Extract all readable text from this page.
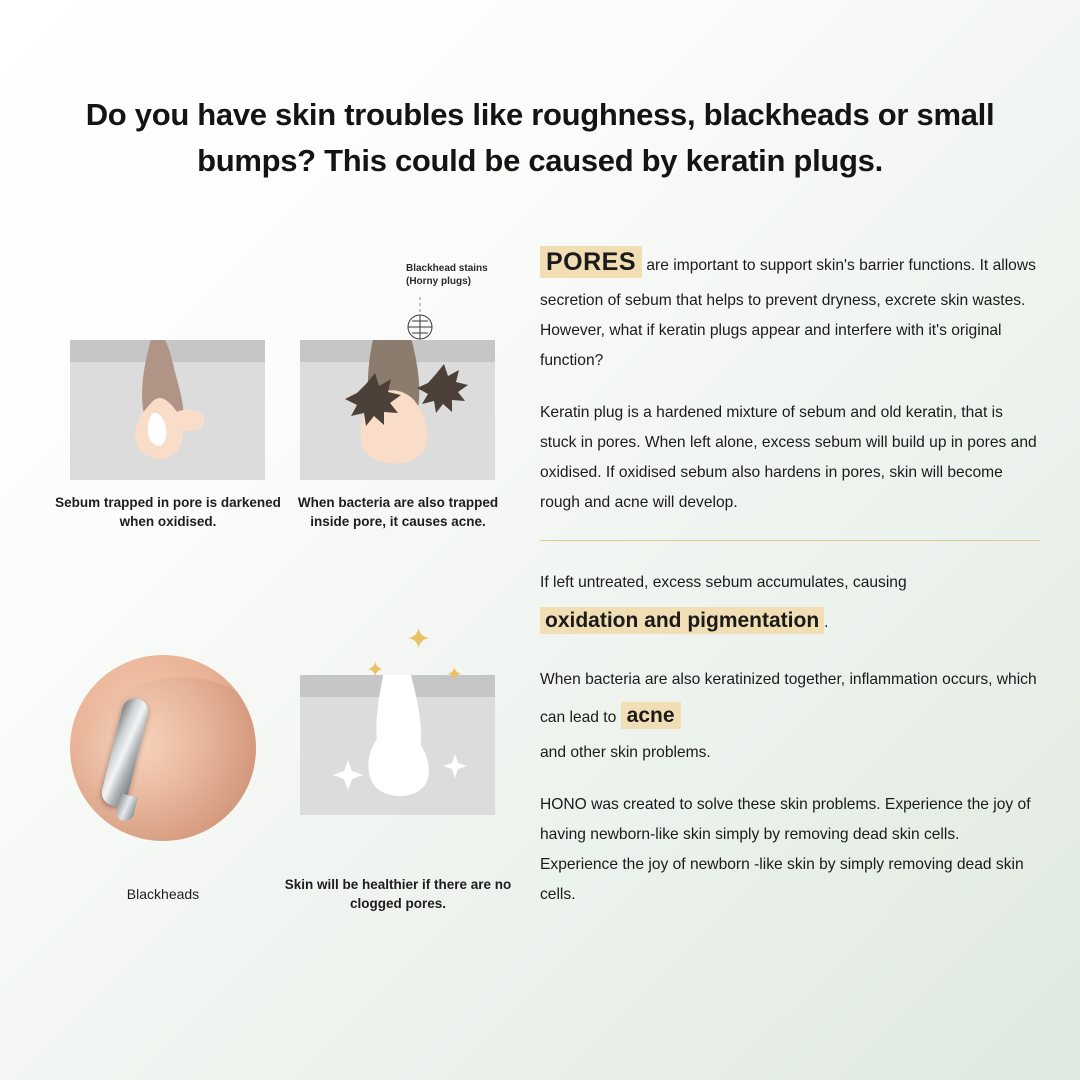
Do you have skin troubles like roughness, blackheads or small bumps? This could be caused by keratin plugs.
Blackhead stains
(Horny plugs)
Sebum trapped in pore is darkened when oxidised.
When bacteria are also trapped inside pore, it causes acne.
✦
✦	✦
Blackheads
Skin will be healthier if there are no clogged pores.

PORES are important to support skin's barrier functions. It allows secretion of sebum that helps to prevent dryness, excrete skin wastes. However, what if keratin plugs appear and interfere with it's original function?

Keratin plug is a hardened mixture of sebum and old keratin, that is stuck in pores. When left alone, excess sebum will build up in pores and oxidised. If oxidised sebum also hardens in pores, skin will become rough and acne will develop.

If left untreated, excess sebum accumulates, causing
oxidation and pigmentation .

When bacteria are also keratinized together, inflammation occurs, which can lead to acne
and other skin problems.

HONO was created to solve these skin problems. Experience the joy of having newborn-like skin simply by removing dead skin cells. Experience the joy of newborn -like skin by simply removing dead skin cells.
